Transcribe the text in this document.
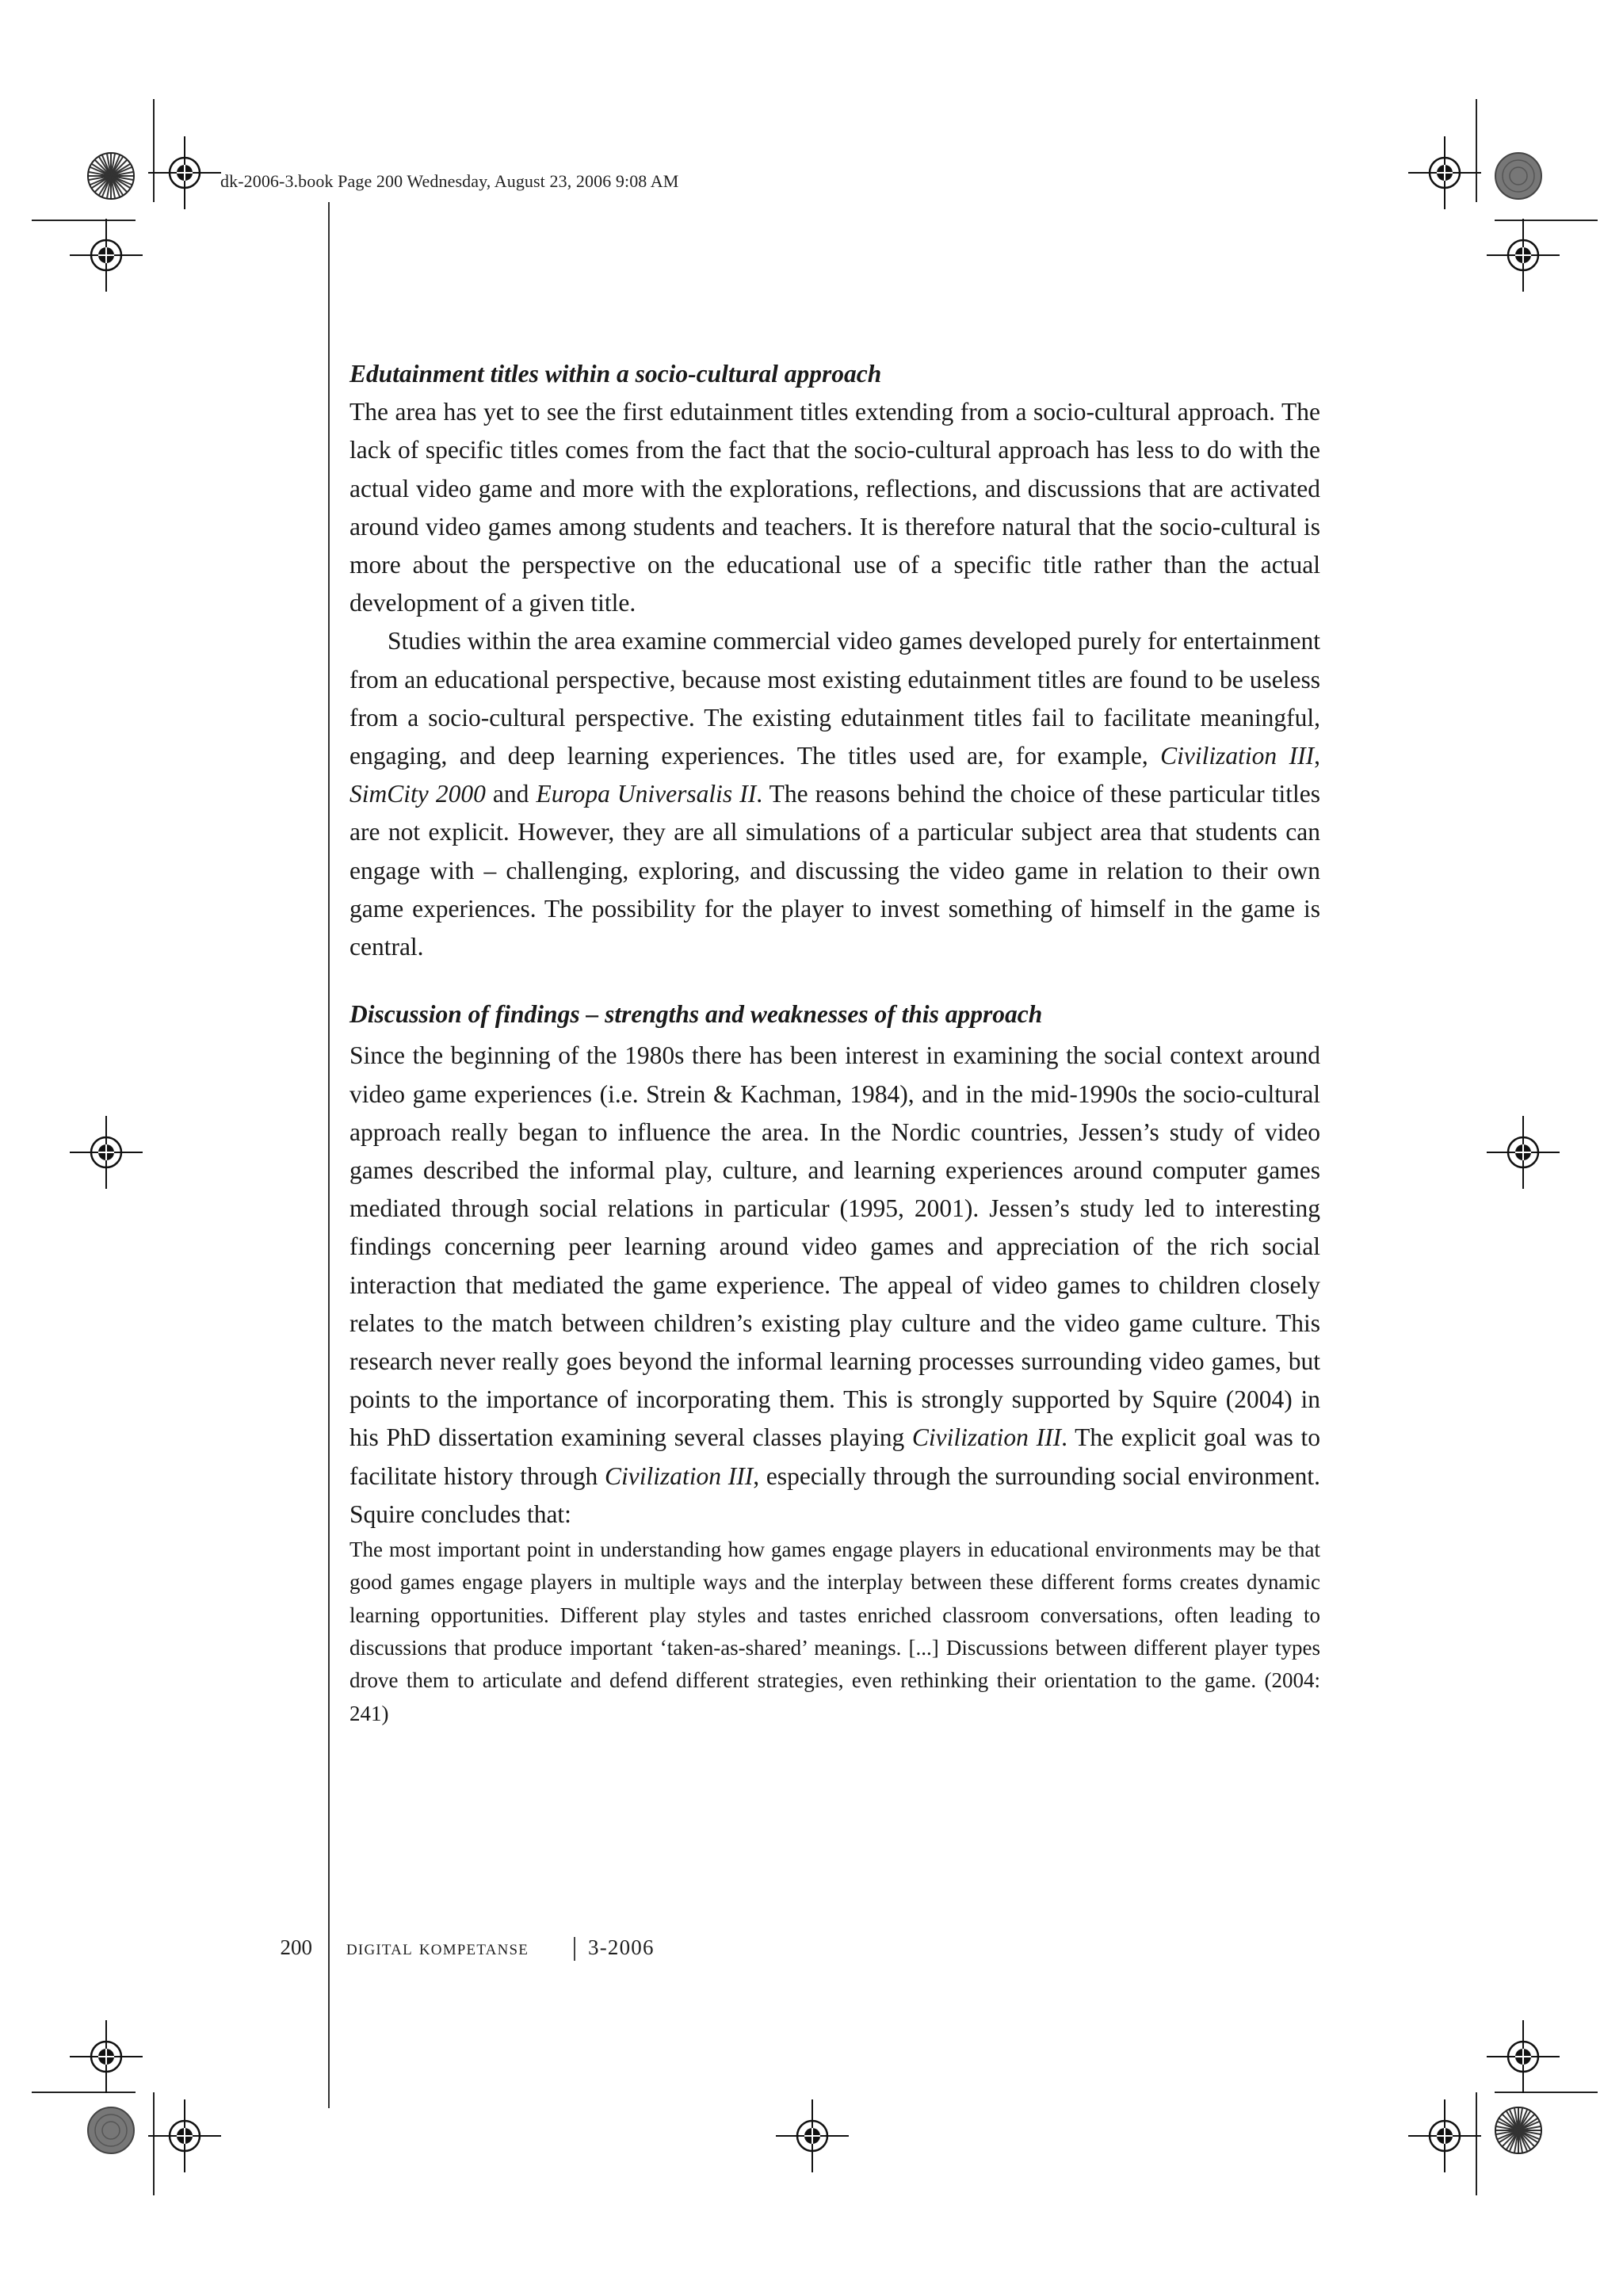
dk-2006-3.book Page 200 Wednesday, August 23, 2006 9:08 AM
Edutainment titles within a socio-cultural approach

The area has yet to see the first edutainment titles extending from a socio-cultural approach. The lack of specific titles comes from the fact that the socio-cultural approach has less to do with the actual video game and more with the explorations, reflections, and discussions that are activated around video games among students and teachers. It is therefore natural that the socio-cultural is more about the perspective on the educational use of a specific title rather than the actual development of a given title.

Studies within the area examine commercial video games developed purely for entertainment from an educational perspective, because most existing edutainment titles are found to be useless from a socio-cultural perspective. The existing edutainment titles fail to facilitate meaningful, engaging, and deep learning experiences. The titles used are, for example, Civilization III, SimCity 2000 and Europa Universalis II. The reasons behind the choice of these particular titles are not explicit. However, they are all simulations of a particular subject area that students can engage with – challenging, exploring, and discussing the video game in relation to their own game experiences. The possibility for the player to invest something of himself in the game is central.

Discussion of findings – strengths and weaknesses of this approach

Since the beginning of the 1980s there has been interest in examining the social context around video game experiences (i.e. Strein & Kachman, 1984), and in the mid-1990s the socio-cultural approach really began to influence the area. In the Nordic countries, Jessen’s study of video games described the informal play, culture, and learning experiences around computer games mediated through social relations in particular (1995, 2001). Jessen’s study led to interesting findings concerning peer learning around video games and appreciation of the rich social interaction that mediated the game experience. The appeal of video games to children closely relates to the match between children’s existing play culture and the video game culture. This research never really goes beyond the informal learning processes surrounding video games, but points to the importance of incorporating them. This is strongly supported by Squire (2004) in his PhD dissertation examining several classes playing Civilization III. The explicit goal was to facilitate history through Civilization III, especially through the surrounding social environment. Squire concludes that:

The most important point in understanding how games engage players in educational environments may be that good games engage players in multiple ways and the interplay between these different forms creates dynamic learning opportunities. Different play styles and tastes enriched classroom conversations, often leading to discussions that produce important ‘taken-as-shared’ meanings. [...] Discussions between different player types drove them to articulate and defend different strategies, even rethinking their orientation to the game. (2004: 241)

200 digital kompetanse	3-2006
